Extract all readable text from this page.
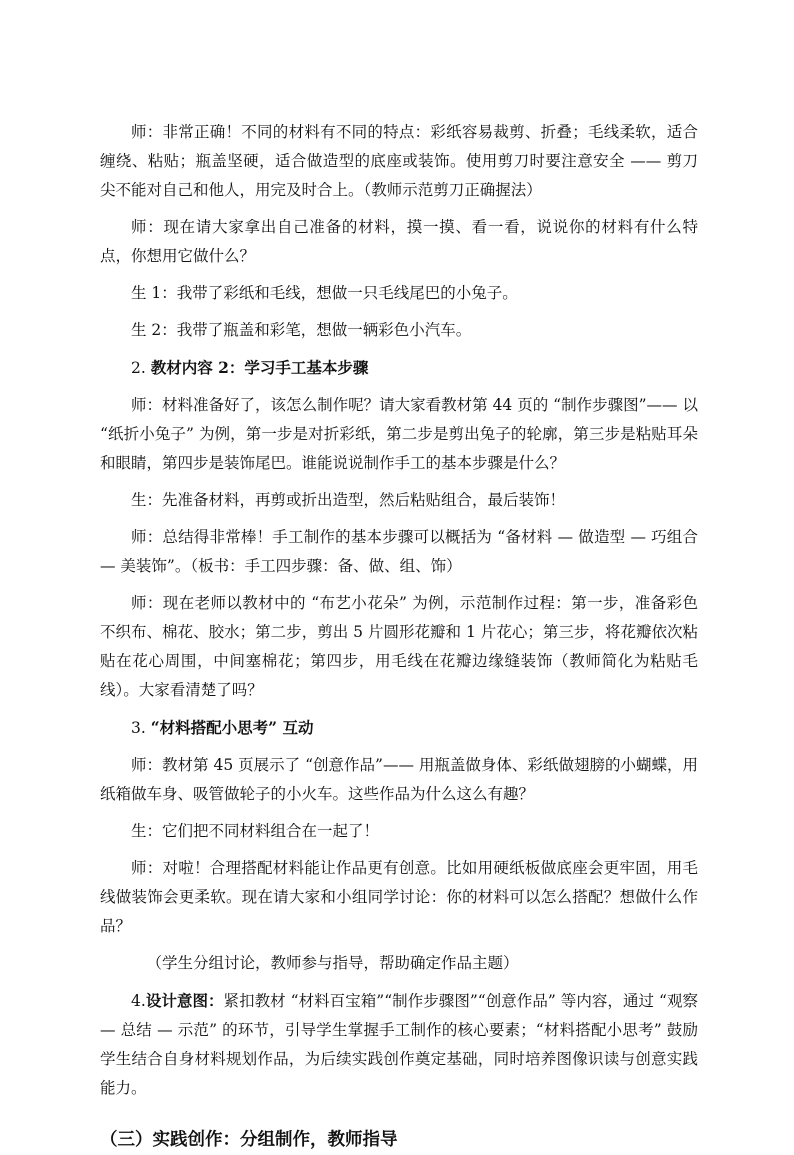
师：非常正确！不同的材料有不同的特点：彩纸容易裁剪、折叠；毛线柔软，适合缠绕、粘贴；瓶盖坚硬，适合做造型的底座或装饰。使用剪刀时要注意安全 —— 剪刀尖不能对自己和他人，用完及时合上。（教师示范剪刀正确握法）

师：现在请大家拿出自己准备的材料，摸一摸、看一看，说说你的材料有什么特点，你想用它做什么？

生 1：我带了彩纸和毛线，想做一只毛线尾巴的小兔子。

生 2：我带了瓶盖和彩笔，想做一辆彩色小汽车。

2. 教材内容 2：学习手工基本步骤

师：材料准备好了，该怎么制作呢？请大家看教材第 44 页的 “制作步骤图”—— 以 “纸折小兔子” 为例，第一步是对折彩纸，第二步是剪出兔子的轮廓，第三步是粘贴耳朵和眼睛，第四步是装饰尾巴。谁能说说制作手工的基本步骤是什么？

生：先准备材料，再剪或折出造型，然后粘贴组合，最后装饰！

师：总结得非常棒！手工制作的基本步骤可以概括为 “备材料 — 做造型 — 巧组合 — 美装饰”。（板书：手工四步骤：备、做、组、饰）

师：现在老师以教材中的 “布艺小花朵” 为例，示范制作过程：第一步，准备彩色不织布、棉花、胶水；第二步，剪出 5 片圆形花瓣和 1 片花心；第三步，将花瓣依次粘贴在花心周围，中间塞棉花；第四步，用毛线在花瓣边缘缝装饰（教师简化为粘贴毛线）。大家看清楚了吗？

3. “材料搭配小思考” 互动

师：教材第 45 页展示了 “创意作品”—— 用瓶盖做身体、彩纸做翅膀的小蝴蝶，用纸箱做车身、吸管做轮子的小火车。这些作品为什么这么有趣？

生：它们把不同材料组合在一起了！

师：对啦！合理搭配材料能让作品更有创意。比如用硬纸板做底座会更牢固，用毛线做装饰会更柔软。现在请大家和小组同学讨论：你的材料可以怎么搭配？想做什么作品？

（学生分组讨论，教师参与指导，帮助确定作品主题）

4.设计意图：紧扣教材 “材料百宝箱”“制作步骤图”“创意作品” 等内容，通过 “观察 — 总结 — 示范” 的环节，引导学生掌握手工制作的核心要素；“材料搭配小思考” 鼓励学生结合自身材料规划作品，为后续实践创作奠定基础，同时培养图像识读与创意实践能力。

（三）实践创作：分组制作，教师指导
